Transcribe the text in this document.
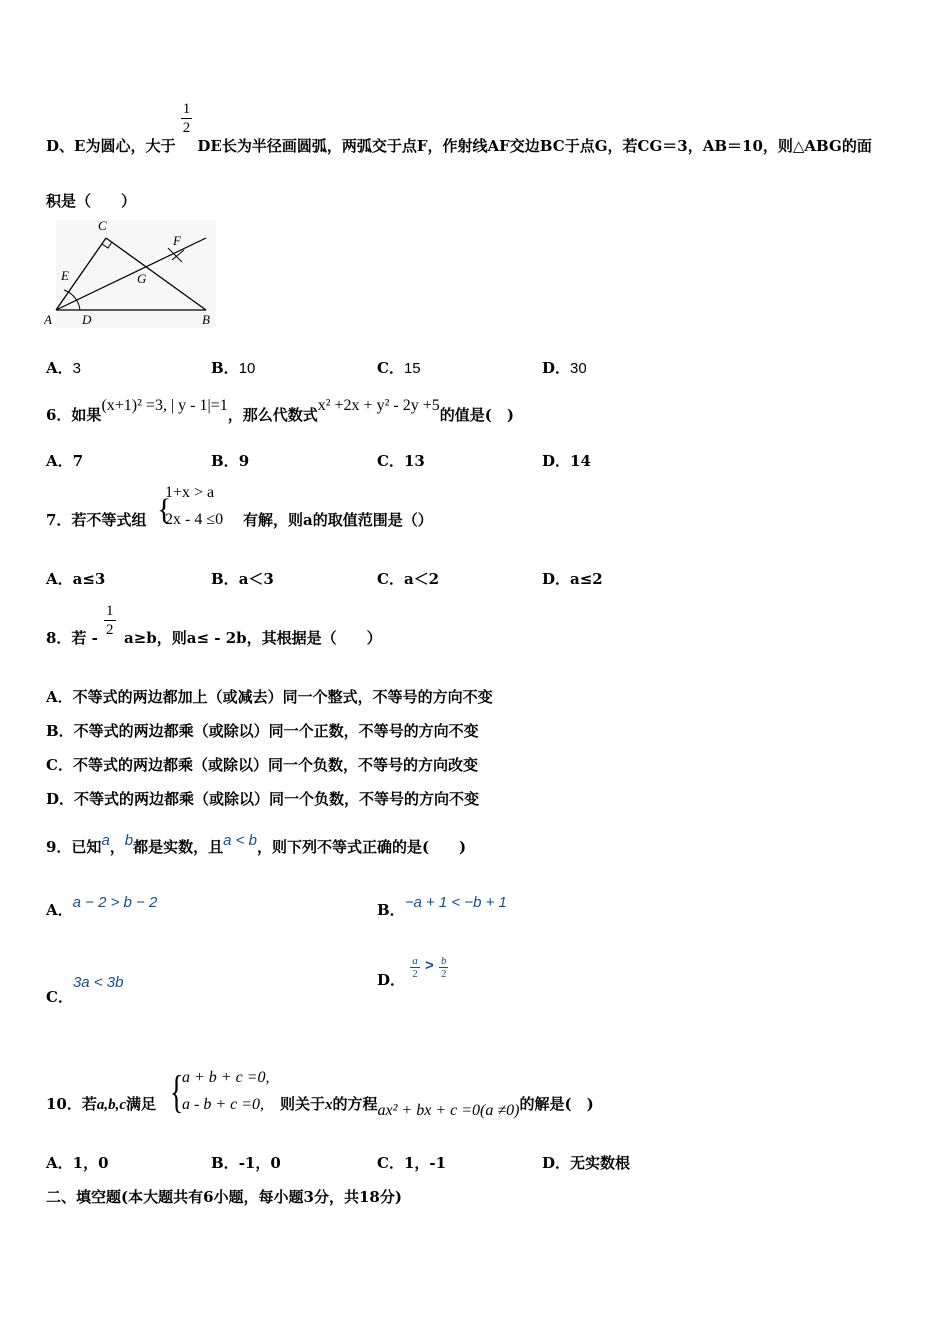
D、E为圆心，大于
$\frac{1}{2}$
DE长为半径画圆弧，两弧交于点F，作射线AF交边BC于点G，若CG＝3，AB＝10，则△ABG的面
积是（　　）
A	B
C
D
E
F
G
A．3	B．10	C．15	D．30
6．如果(x+1)² =3, | y - 1|=1，那么代数式x² +2x + y² - 2y +5的值是(　)
A．7	B．9	C．13	D．14
7．若不等式组 {
1+x > a
2x - 4 ≤0 有解，则a的取值范围是（）
A．a≤3	B．a＜3	C．a＜2	D．a≤2
8．若 - $\frac{1}{2} a\ge b$，则a≤ - 2b，其根据是（　　）
A．不等式的两边都加上（或减去）同一个整式，不等号的方向不变
B．不等式的两边都乘（或除以）同一个正数，不等号的方向不变
C．不等式的两边都乘（或除以）同一个负数，不等号的方向改变
D．不等式的两边都乘（或除以）同一个负数，不等号的方向不变
9．已知a，b都是实数，且a < b，则下列不等式正确的是(　　)
A．a − 2 > b − 2	B．−a + 1 < −b + 1
C．3a < 3b	D． $\frac{a}{2} > \frac{b}{2}$
10．若a,b,c满足 {
a + b + c =0,
a - b + c =0, 则关于x的方程ax² + bx + c =0(a ≠0)的解是(　)
A．1，0	B．-1，0	C．1，-1	D．无实数根
二、填空题(本大题共有6小题，每小题3分，共18分)
